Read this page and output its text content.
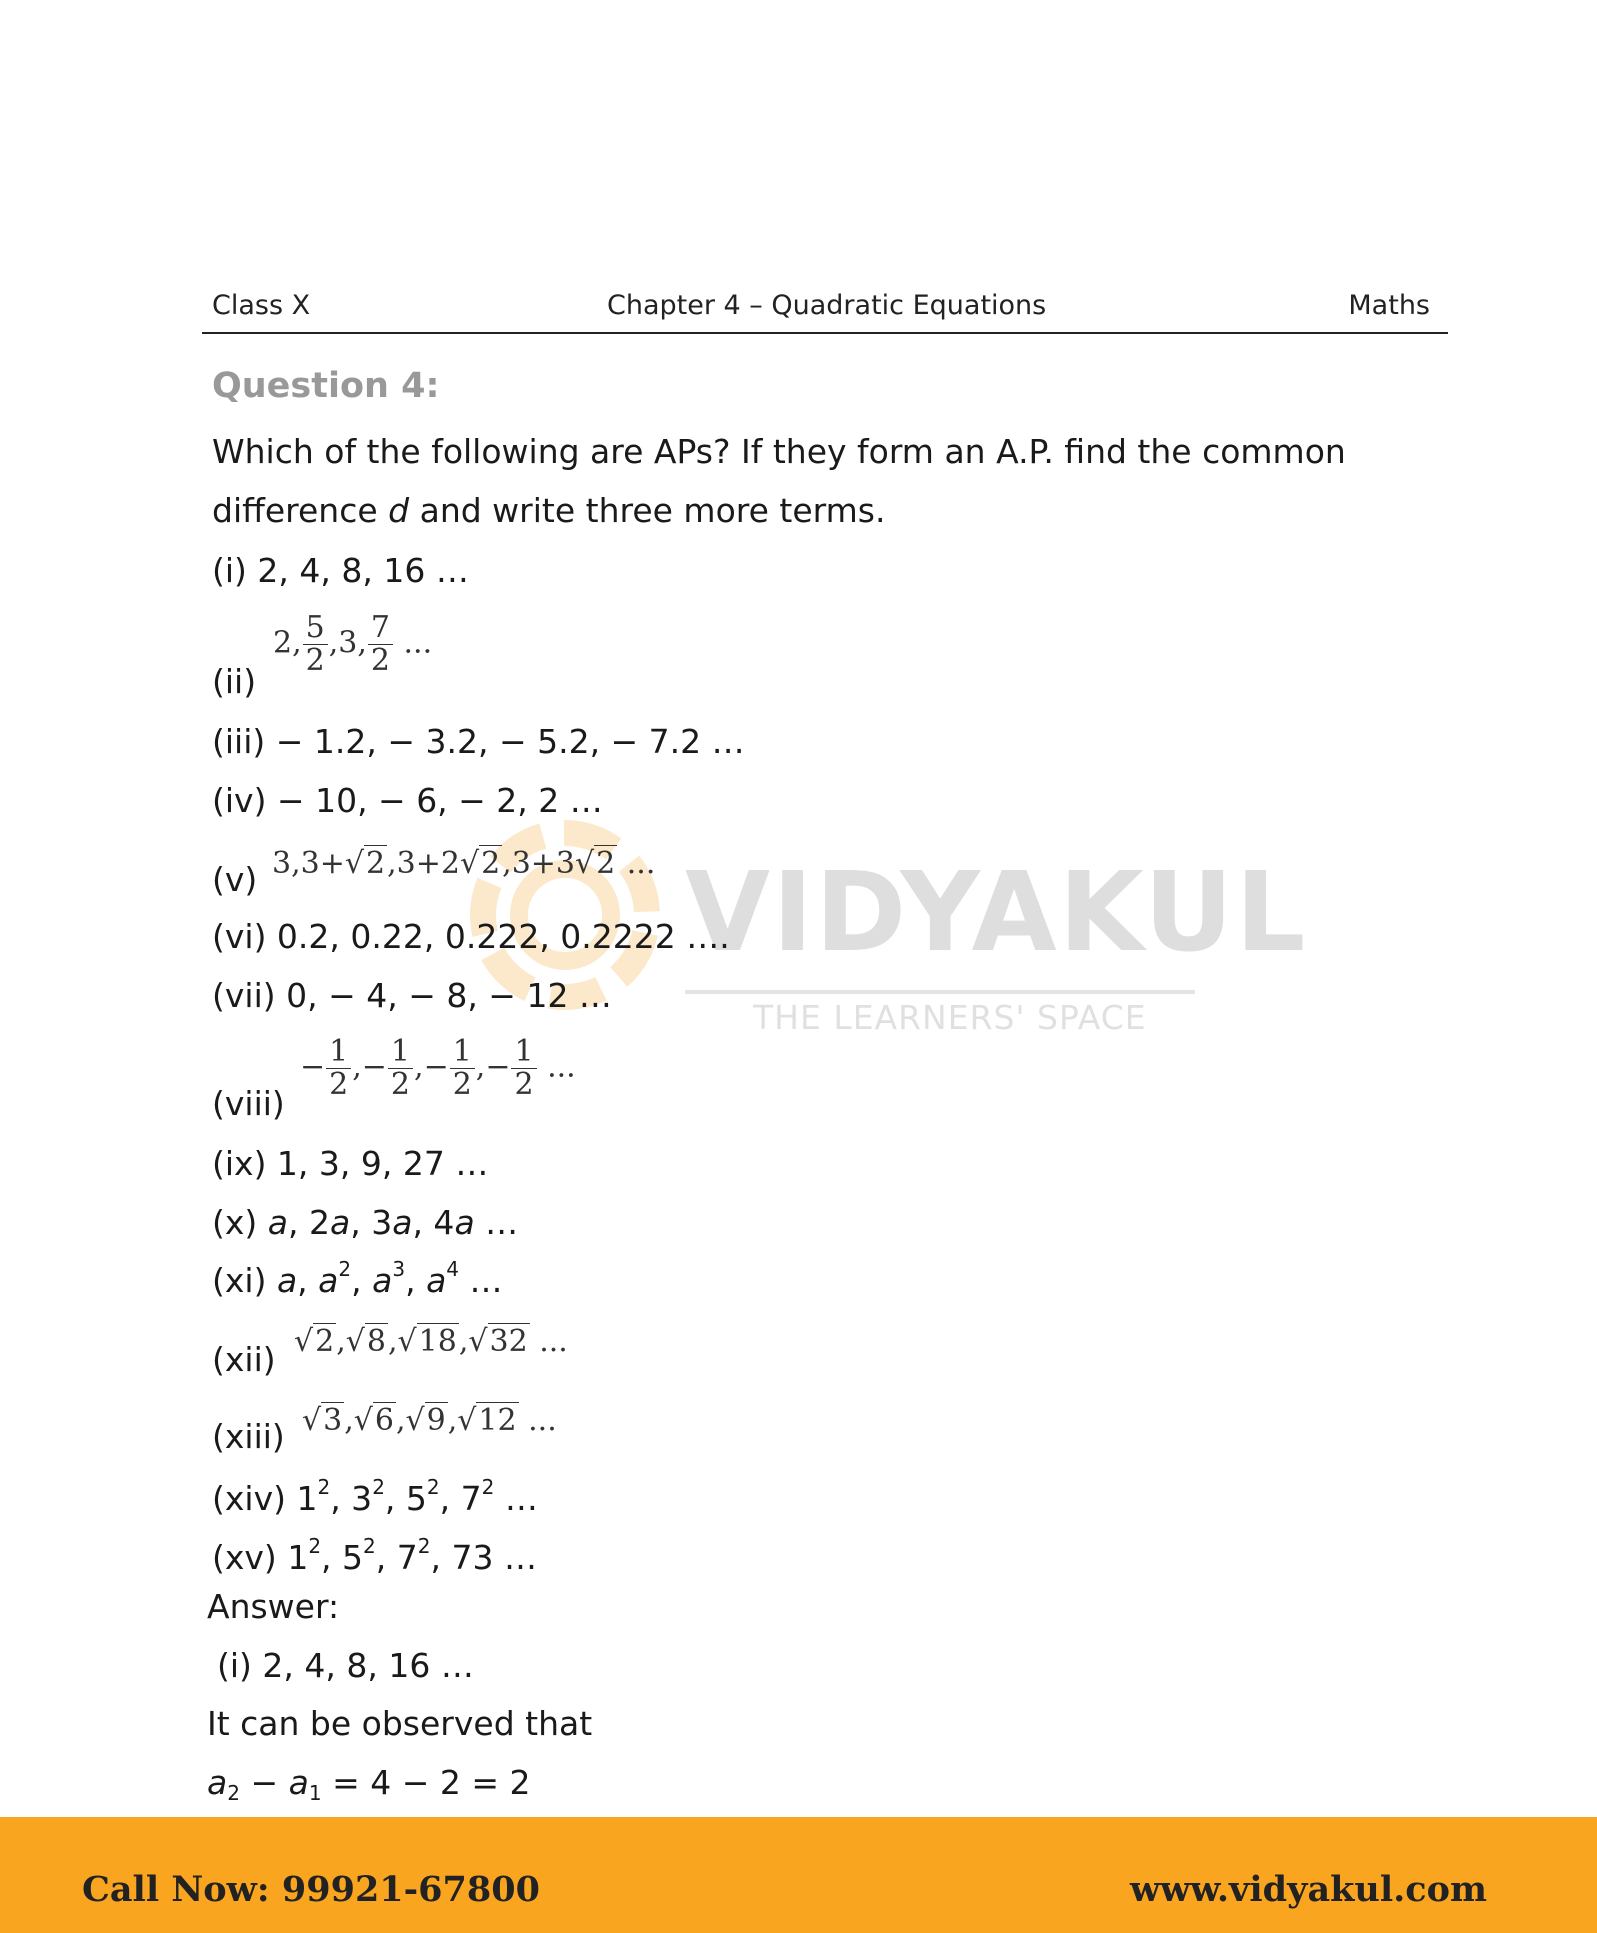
Class X	Chapter 4 – Quadratic Equations	Maths
VIDYAKUL
THE LEARNERS' SPACE
Question 4:
Which of the following are APs? If they form an A.P. find the common
difference d and write three more terms.
(i) 2, 4, 8, 16 …
(ii)
2, $\frac{5}{2} ,3$, $\frac{7}{2}$ ...
(iii) − 1.2, − 3.2, − 5.2, − 7.2 …
(iv) − 10, − 6, − 2, 2 …
(v) 3,3+√2,3+2√2,3+3√2 ...
(vi) 0.2, 0.22, 0.222, 0.2222 ….
(vii) 0, − 4, − 8, − 12 …
(viii)
− $\frac{1}{2}$ ,− $\frac{1}{2}$ ,− $\frac{1}{2}$ ,− $\frac{1}{2}$ ...
(ix) 1, 3, 9, 27 …
(x) a, 2a, 3a, 4a …
(xi) a, $a^2$, $a^3$, $a^4$ …
(xii) √2,√8,√18,√32 ...
(xiii) √3,√6,√9,√12 ...
(xiv) $1^2$, $3^2$, $5^2$, $7^2$ …
(xv) $1^2$, $5^2$, $7^2$, 73 …
Answer:
(i) 2, 4, 8, 16 …
It can be observed that
$a_2 - a_1 = 4 - 2 = 2$
Call Now: 99921-67800	www.vidyakul.com
